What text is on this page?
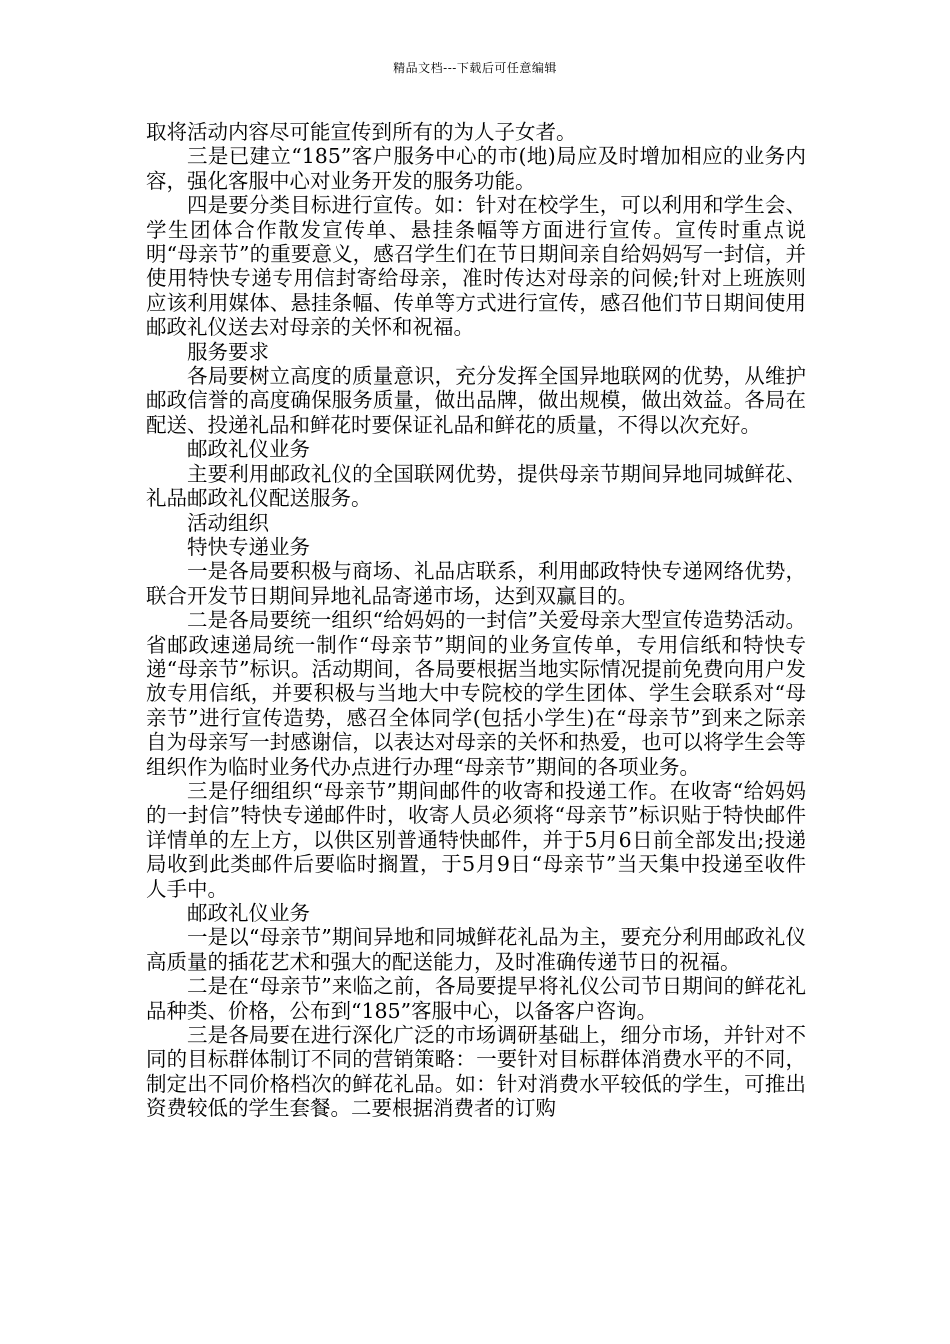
精品文档---下载后可任意编辑

取将活动内容尽可能宣传到所有的为人子女者。

三是已建立“185”客户服务中心的市(地)局应及时增加相应的业务内容，强化客服中心对业务开发的服务功能。

四是要分类目标进行宣传。如：针对在校学生，可以利用和学生会、学生团体合作散发宣传单、悬挂条幅等方面进行宣传。宣传时重点说明“母亲节”的重要意义，感召学生们在节日期间亲自给妈妈写一封信，并使用特快专递专用信封寄给母亲，准时传达对母亲的问候;针对上班族则应该利用媒体、悬挂条幅、传单等方式进行宣传，感召他们节日期间使用邮政礼仪送去对母亲的关怀和祝福。

服务要求

各局要树立高度的质量意识，充分发挥全国异地联网的优势，从维护邮政信誉的高度确保服务质量，做出品牌，做出规模，做出效益。各局在配送、投递礼品和鲜花时要保证礼品和鲜花的质量，不得以次充好。

邮政礼仪业务

主要利用邮政礼仪的全国联网优势，提供母亲节期间异地同城鲜花、礼品邮政礼仪配送服务。

活动组织

特快专递业务

一是各局要积极与商场、礼品店联系，利用邮政特快专递网络优势，联合开发节日期间异地礼品寄递市场，达到双赢目的。

二是各局要统一组织“给妈妈的一封信”关爱母亲大型宣传造势活动。省邮政速递局统一制作“母亲节”期间的业务宣传单，专用信纸和特快专递“母亲节”标识。活动期间，各局要根据当地实际情况提前免费向用户发放专用信纸，并要积极与当地大中专院校的学生团体、学生会联系对“母亲节”进行宣传造势，感召全体同学(包括小学生)在“母亲节”到来之际亲自为母亲写一封感谢信，以表达对母亲的关怀和热爱，也可以将学生会等组织作为临时业务代办点进行办理“母亲节”期间的各项业务。

三是仔细组织“母亲节”期间邮件的收寄和投递工作。在收寄“给妈妈的一封信”特快专递邮件时，收寄人员必须将“母亲节”标识贴于特快邮件详情单的左上方，以供区别普通特快邮件，并于5月6日前全部发出;投递局收到此类邮件后要临时搁置，于5月9日“母亲节”当天集中投递至收件人手中。

邮政礼仪业务

一是以“母亲节”期间异地和同城鲜花礼品为主，要充分利用邮政礼仪高质量的插花艺术和强大的配送能力，及时准确传递节日的祝福。

二是在“母亲节”来临之前，各局要提早将礼仪公司节日期间的鲜花礼品种类、价格，公布到“185”客服中心，以备客户咨询。

三是各局要在进行深化广泛的市场调研基础上，细分市场，并针对不同的目标群体制订不同的营销策略：一要针对目标群体消费水平的不同，制定出不同价格档次的鲜花礼品。如：针对消费水平较低的学生，可推出资费较低的学生套餐。二要根据消费者的订购
